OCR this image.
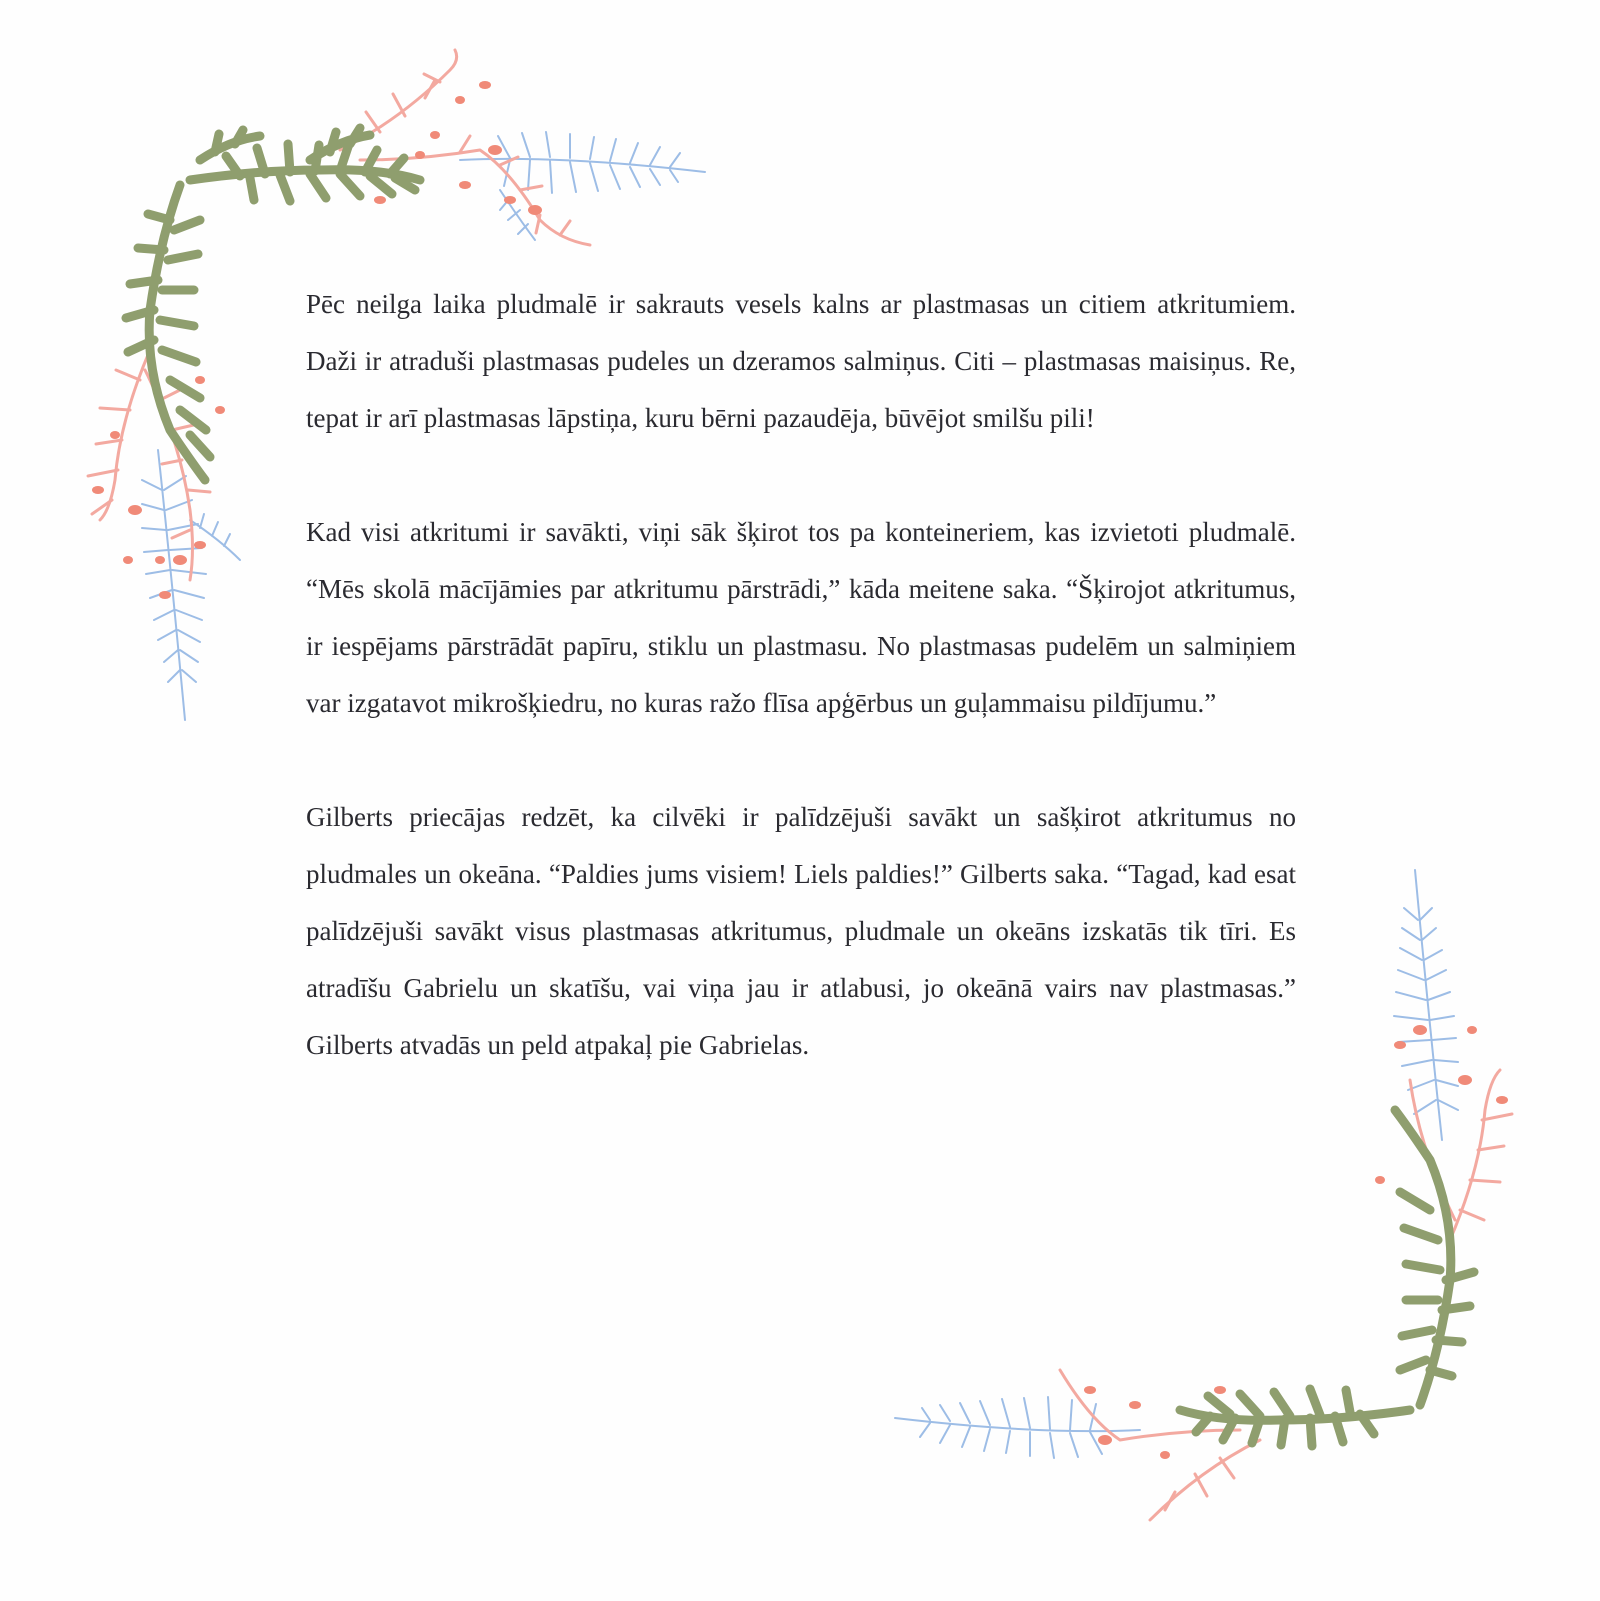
Pēc neilga laika pludmalē ir sakrauts vesels kalns ar plastmasas un citiem atkritumiem. Daži ir atraduši plastmasas pudeles un dzeramos salmiņus. Citi – plastmasas maisiņus. Re, tepat ir arī plastmasas lāpstiņa, kuru bērni pazaudēja, būvējot smilšu pili!

Kad visi atkritumi ir savākti, viņi sāk šķirot tos pa konteineriem, kas izvietoti pludmalē. “Mēs skolā mācījāmies par atkritumu pārstrādi,” kāda meitene saka. “Šķirojot atkritumus, ir iespējams pārstrādāt papīru, stiklu un plastmasu. No plastmasas pudelēm un salmiņiem var izgatavot mikrošķiedru, no kuras ražo flīsa apģērbus un guļammaisu pildījumu.”

Gilberts priecājas redzēt, ka cilvēki ir palīdzējuši savākt un sašķirot atkritumus no pludmales un okeāna. “Paldies jums visiem! Liels paldies!” Gilberts saka. “Tagad, kad esat palīdzējuši savākt visus plastmasas atkritumus, pludmale un okeāns izskatās tik tīri. Es atradīšu Gabrielu un skatīšu, vai viņa jau ir atlabusi, jo okeānā vairs nav plastmasas.” Gilberts atvadās un peld atpakaļ pie Gabrielas.
